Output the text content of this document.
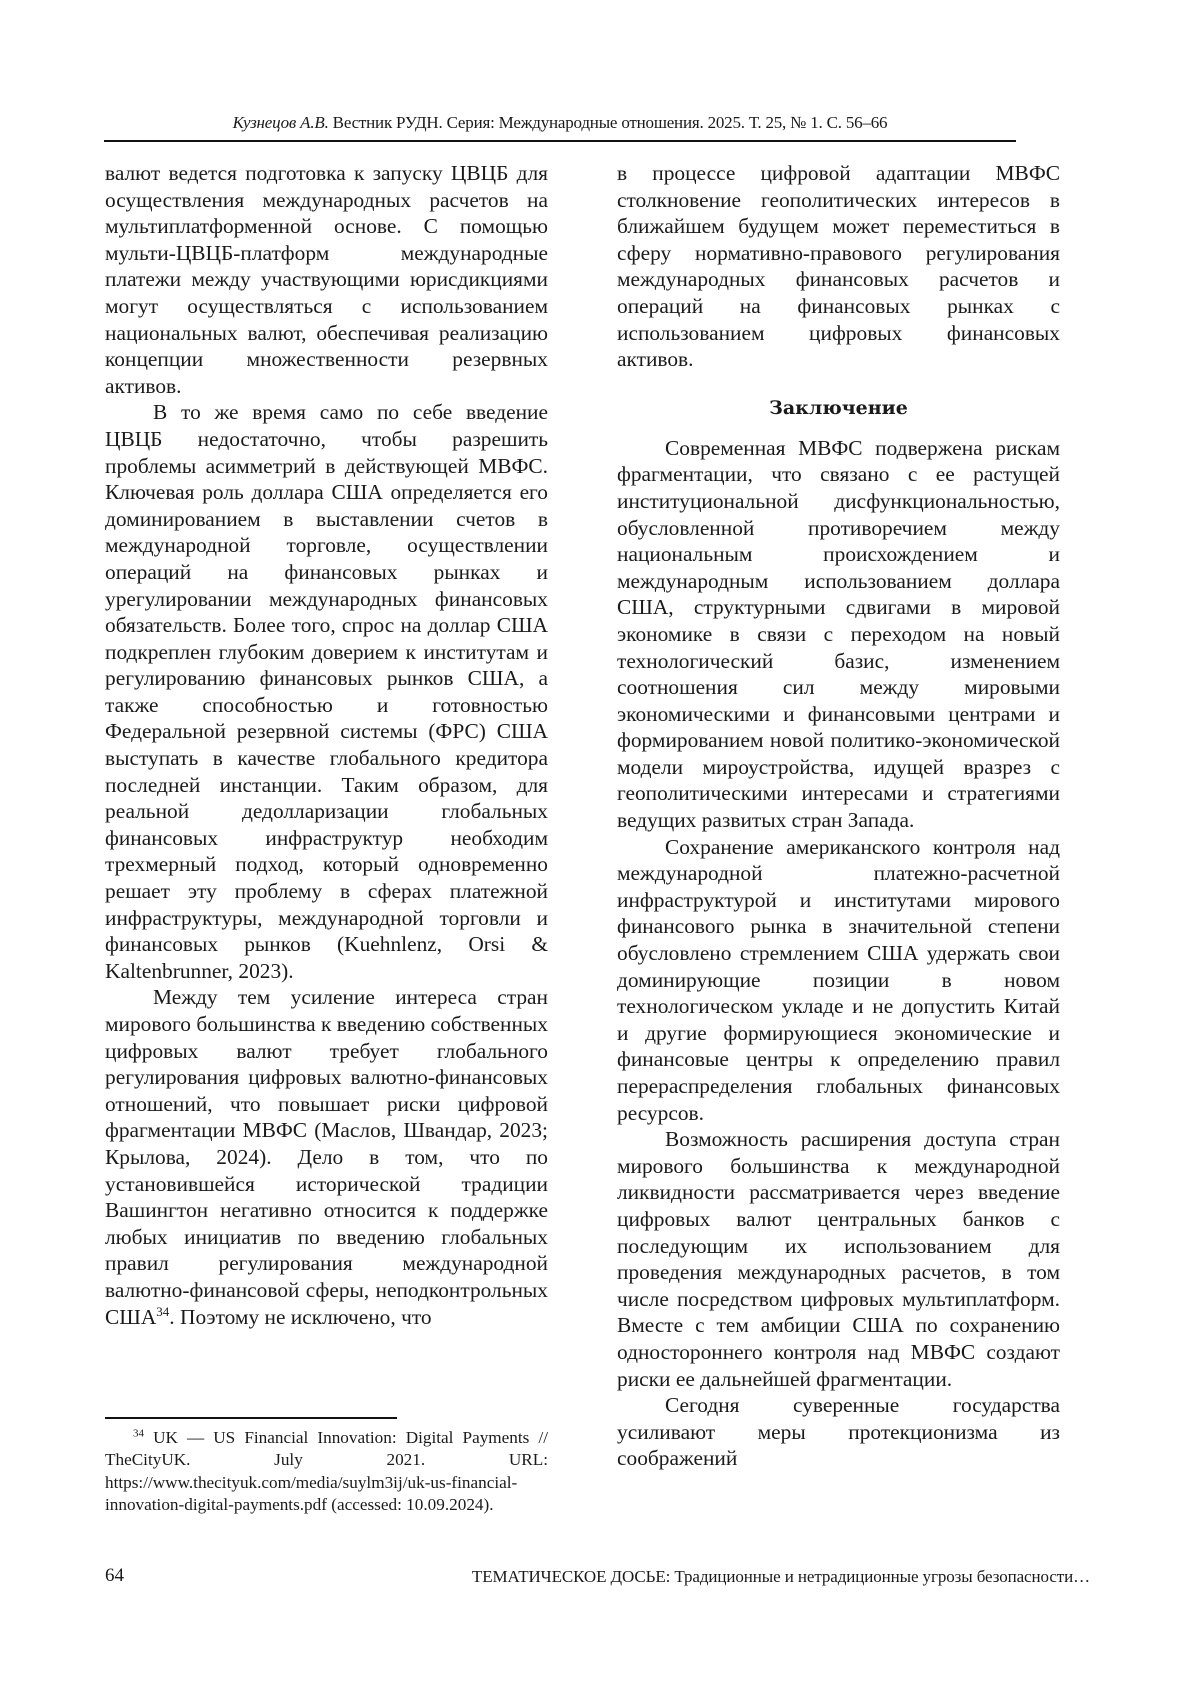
Кузнецов А.В. Вестник РУДН. Серия: Международные отношения. 2025. Т. 25, № 1. С. 56–66

валют ведется подготовка к запуску ЦВЦБ для осуществления международных расчетов на мультиплатформенной основе. С помощью мульти-ЦВЦБ-платформ международные платежи между участвующими юрисдикциями могут осуществляться с использованием национальных валют, обеспечивая реализацию концепции множественности резервных активов.

В то же время само по себе введение ЦВЦБ недостаточно, чтобы разрешить проблемы асимметрий в действующей МВФС. Ключевая роль доллара США определяется его доминированием в выставлении счетов в международной торговле, осуществлении операций на финансовых рынках и урегулировании международных финансовых обязательств. Более того, спрос на доллар США подкреплен глубоким доверием к институтам и регулированию финансовых рынков США, а также способностью и готовностью Федеральной резервной системы (ФРС) США выступать в качестве глобального кредитора последней инстанции. Таким образом, для реальной дедолларизации глобальных финансовых инфраструктур необходим трехмерный подход, который одновременно решает эту проблему в сферах платежной инфраструктуры, международной торговли и финансовых рынков (Kuehnlenz, Orsi & Kaltenbrunner, 2023).

Между тем усиление интереса стран мирового большинства к введению собственных цифровых валют требует глобального регулирования цифровых валютно-финансовых отношений, что повышает риски цифровой фрагментации МВФС (Маслов, Швандар, 2023; Крылова, 2024). Дело в том, что по установившейся исторической традиции Вашингтон негативно относится к поддержке любых инициатив по введению глобальных правил регулирования международной валютно-финансовой сферы, неподконтрольных США$^{34}$. Поэтому не исключено, что

$^{34}$ UK — US Financial Innovation: Digital Payments // TheCityUK. July 2021. URL: https://www.thecityuk.com/media/suylm3ij/uk-us-financial-innovation-digital-payments.pdf (accessed: 10.09.2024).

в процессе цифровой адаптации МВФС столкновение геополитических интересов в ближайшем будущем может переместиться в сферу нормативно-правового регулирования международных финансовых расчетов и операций на финансовых рынках с использованием цифровых финансовых активов.

Заключение

Современная МВФС подвержена рискам фрагментации, что связано с ее растущей институциональной дисфункциональностью, обусловленной противоречием между национальным происхождением и международным использованием доллара США, структурными сдвигами в мировой экономике в связи с переходом на новый технологический базис, изменением соотношения сил между мировыми экономическими и финансовыми центрами и формированием новой политико-экономической модели мироустройства, идущей вразрез с геополитическими интересами и стратегиями ведущих развитых стран Запада.

Сохранение американского контроля над международной платежно-расчетной инфраструктурой и институтами мирового финансового рынка в значительной степени обусловлено стремлением США удержать свои доминирующие позиции в новом технологическом укладе и не допустить Китай и другие формирующиеся экономические и финансовые центры к определению правил перераспределения глобальных финансовых ресурсов.

Возможность расширения доступа стран мирового большинства к международной ликвидности рассматривается через введение цифровых валют центральных банков с последующим их использованием для проведения международных расчетов, в том числе посредством цифровых мультиплатформ. Вместе с тем амбиции США по сохранению одностороннего контроля над МВФС создают риски ее дальнейшей фрагментации.

Сегодня суверенные государства усиливают меры протекционизма из соображений

64	ТЕМАТИЧЕСКОЕ ДОСЬЕ: Традиционные и нетрадиционные угрозы безопасности…
